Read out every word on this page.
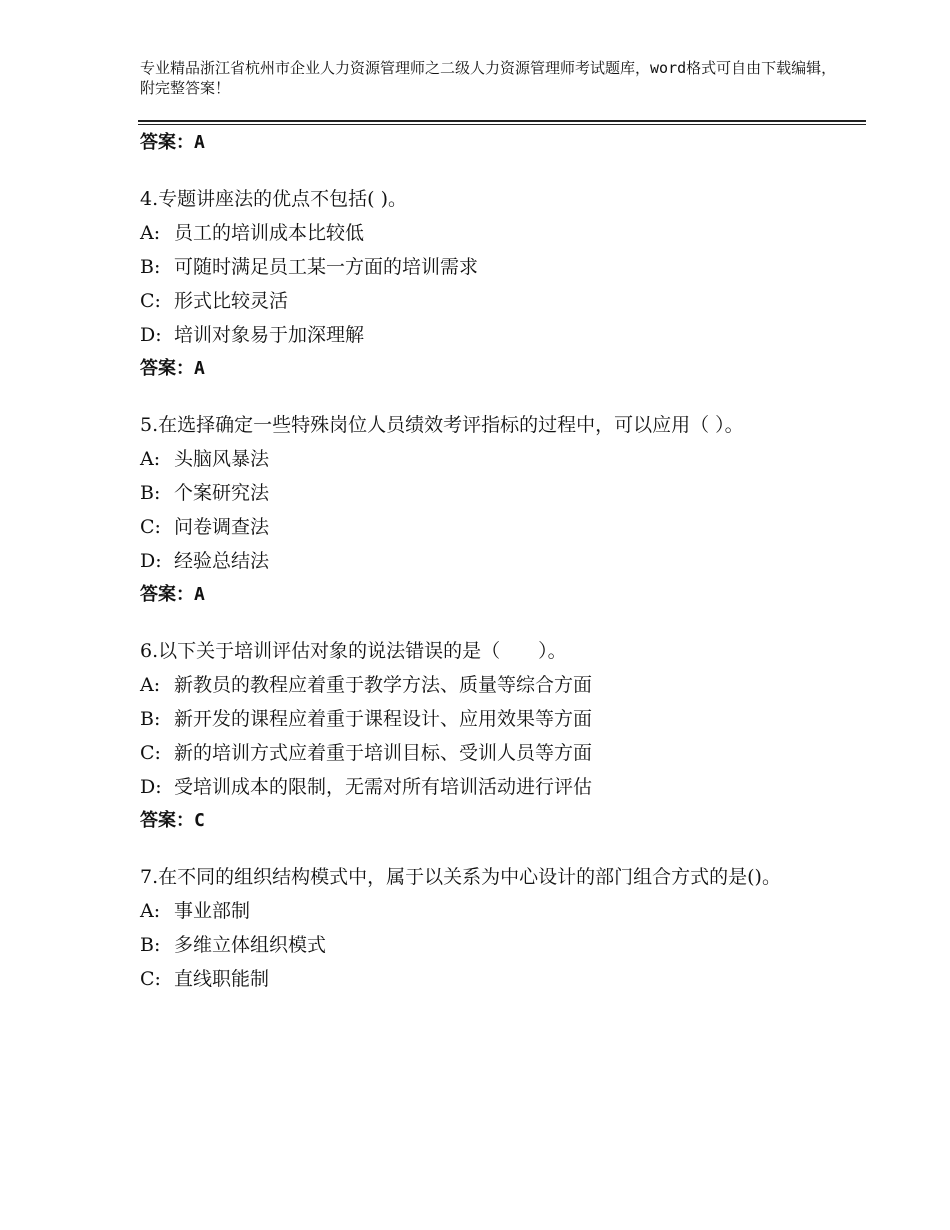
专业精品浙江省杭州市企业人力资源管理师之二级人力资源管理师考试题库，word格式可自由下载编辑，附完整答案！
答案：A
4.专题讲座法的优点不包括( )。
A: 员工的培训成本比较低
B: 可随时满足员工某一方面的培训需求
C: 形式比较灵活
D: 培训对象易于加深理解
答案：A
5.在选择确定一些特殊岗位人员绩效考评指标的过程中，可以应用（ ）。
A: 头脑风暴法
B: 个案研究法
C: 问卷调查法
D: 经验总结法
答案：A
6.以下关于培训评估对象的说法错误的是（　　）。
A: 新教员的教程应着重于教学方法、质量等综合方面
B: 新开发的课程应着重于课程设计、应用效果等方面
C: 新的培训方式应着重于培训目标、受训人员等方面
D: 受培训成本的限制，无需对所有培训活动进行评估
答案：C
7.在不同的组织结构模式中，属于以关系为中心设计的部门组合方式的是()。
A: 事业部制
B: 多维立体组织模式
C: 直线职能制
